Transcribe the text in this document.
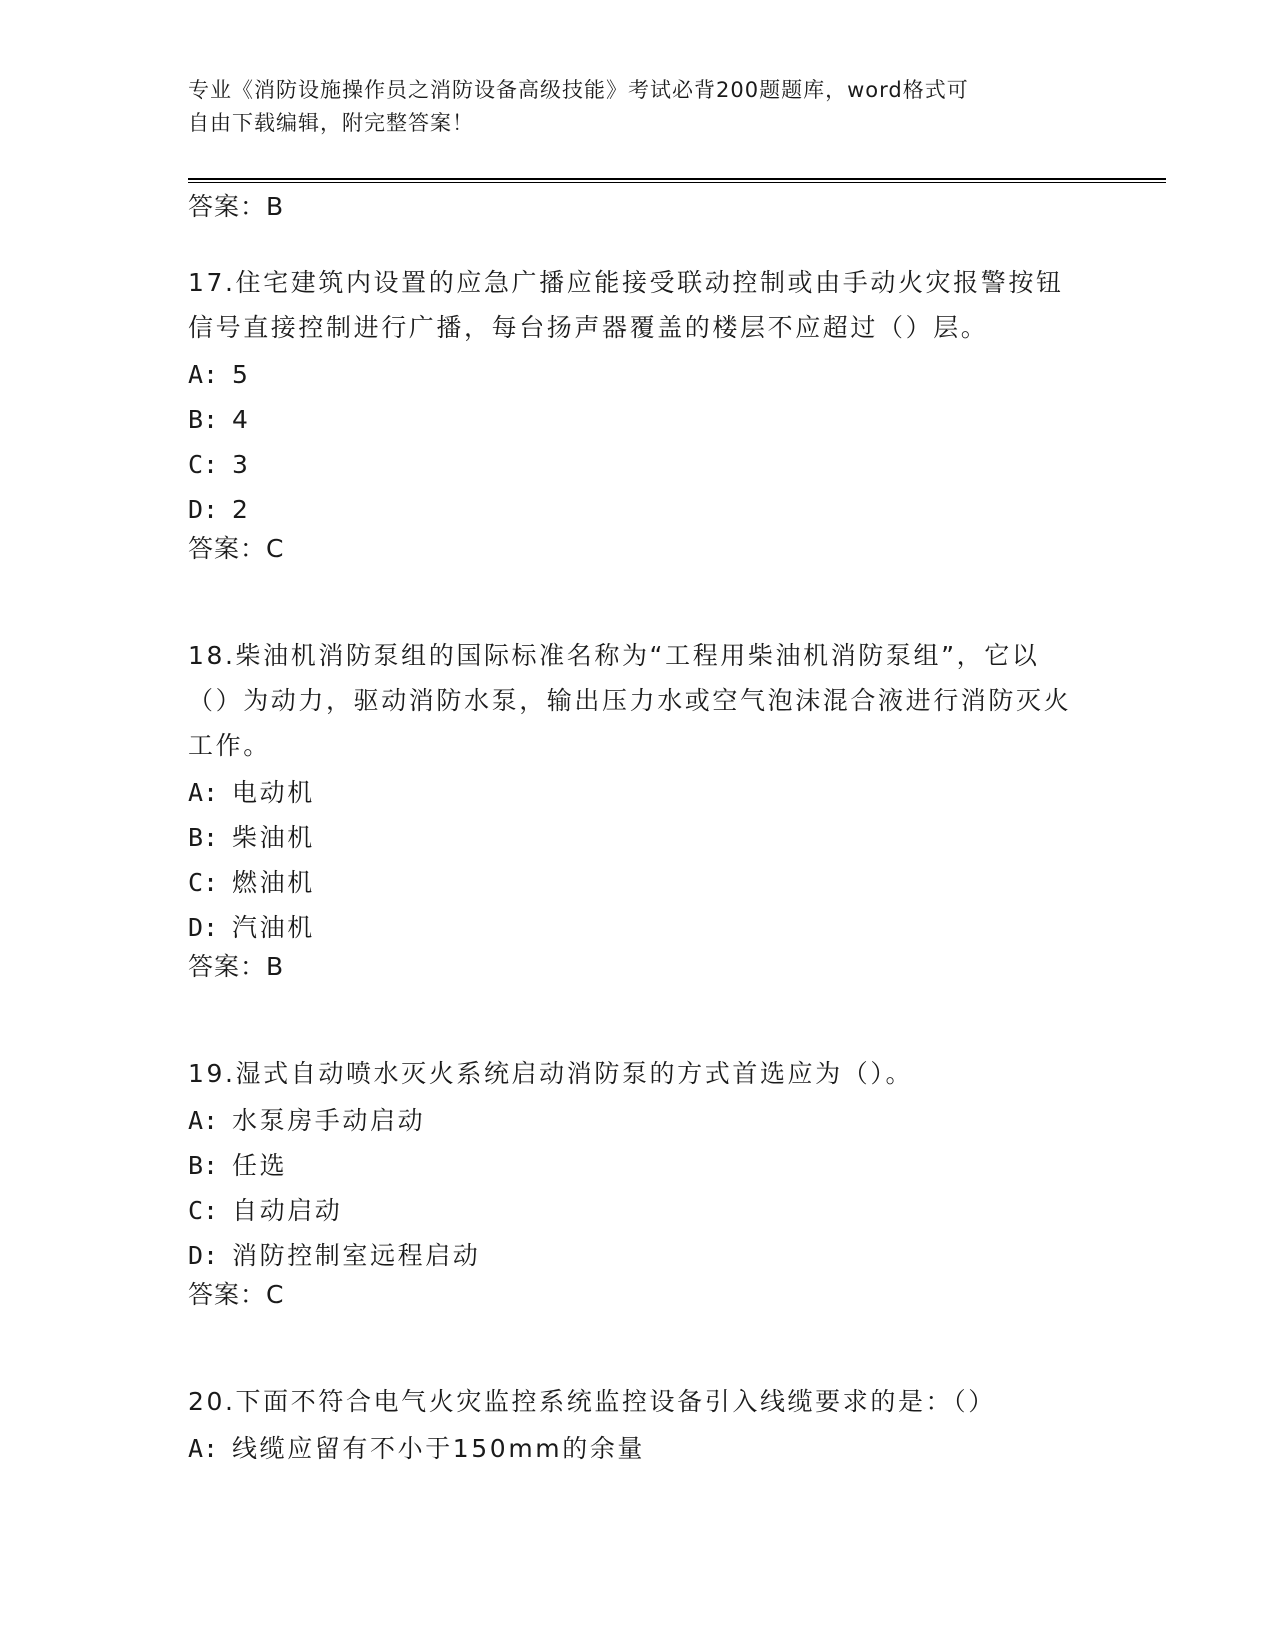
专业《消防设施操作员之消防设备高级技能》考试必背200题题库，word格式可
自由下载编辑，附完整答案！
答案：B
17.住宅建筑内设置的应急广播应能接受联动控制或由手动火灾报警按钮信号直接控制进行广播，每台扬声器覆盖的楼层不应超过（）层。
A: 5
B: 4
C: 3
D: 2
答案：C
18.柴油机消防泵组的国际标准名称为“工程用柴油机消防泵组”，它以（）为动力，驱动消防水泵，输出压力水或空气泡沫混合液进行消防灭火工作。
A: 电动机
B: 柴油机
C: 燃油机
D: 汽油机
答案：B
19.湿式自动喷水灭火系统启动消防泵的方式首选应为（）。
A: 水泵房手动启动
B: 任选
C: 自动启动
D: 消防控制室远程启动
答案：C
20.下面不符合电气火灾监控系统监控设备引入线缆要求的是：（）
A: 线缆应留有不小于150mm的余量
